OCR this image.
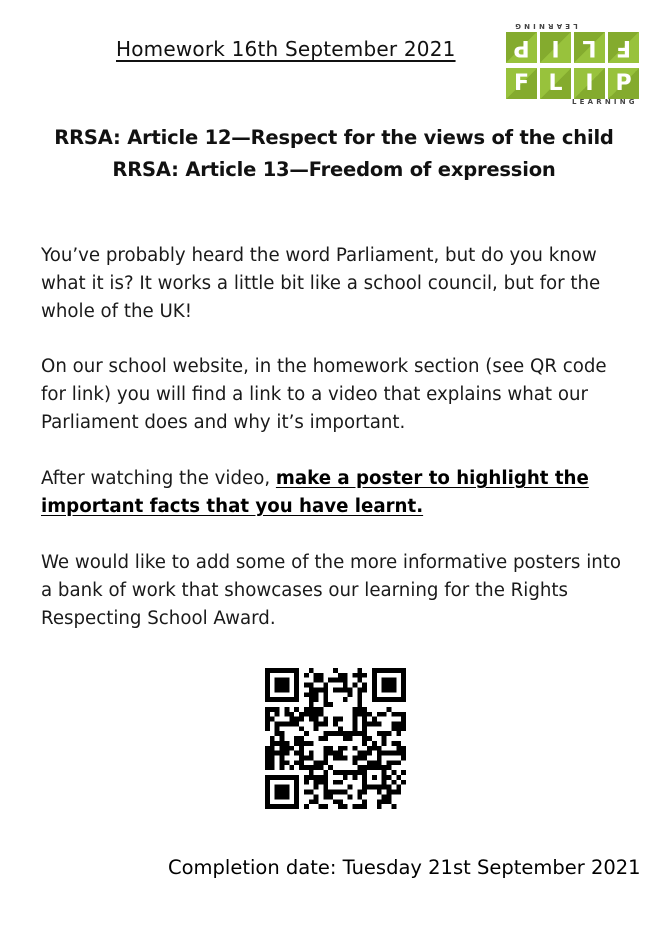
Homework 16th September 2021
LEARNING
P I	L F
F L	I P
LEARNING
RRSA: Article 12—Respect for the views of the child
RRSA: Article 13—Freedom of expression
You’ve probably heard the word Parliament, but do you know what it is? It works a little bit like a school council, but for the whole of the UK!
On our school website, in the homework section (see QR code for link) you will find a link to a video that explains what our Parliament does and why it’s important.
After watching the video, make a poster to highlight the important facts that you have learnt.
We would like to add some of the more informative posters into a bank of work that showcases our learning for the Rights Respecting School Award.
Completion date: Tuesday 21st September 2021
